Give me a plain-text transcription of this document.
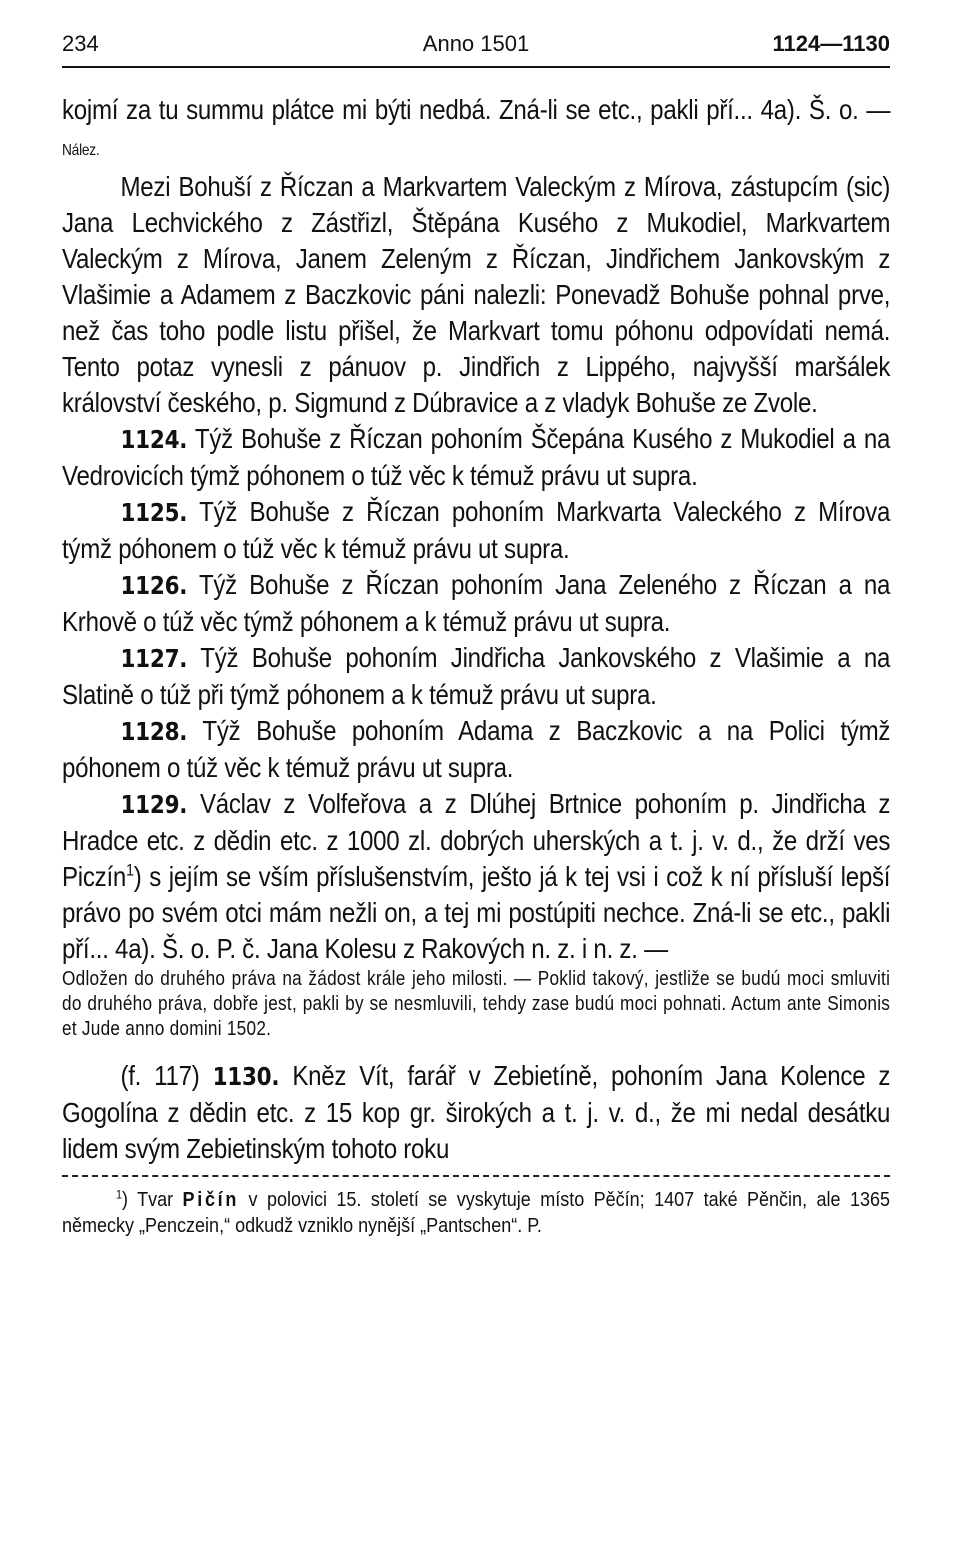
234	Anno 1501	1124—1130

kojmí za tu summu plátce mi býti nedbá. Zná-li se etc., pakli pří... 4a). Š. o. — Nález.

Mezi Bohuší z Říczan a Markvartem Valeckým z Mírova, zástupcím (sic) Jana Lechvického z Zástřizl, Štěpána Kusého z Mukodiel, Markvartem Valeckým z Mírova, Janem Zeleným z Říczan, Jindřichem Jankovským z Vlašimie a Adamem z Baczkovic páni nalezli: Ponevadž Bohuše pohnal prve, než čas toho podle listu přišel, že Markvart tomu póhonu odpovídati nemá. Tento potaz vynesli z pánuov p. Jindřich z Lippého, najvyšší maršálek království českého, p. Sigmund z Dúbravice a z vladyk Bohuše ze Zvole.

1124. Týž Bohuše z Říczan pohoním Ščepána Kusého z Mukodiel a na Vedrovicích týmž póhonem o túž věc k témuž právu ut supra.

1125. Týž Bohuše z Říczan pohoním Markvarta Valeckého z Mírova týmž póhonem o túž věc k témuž právu ut supra.

1126. Týž Bohuše z Říczan pohoním Jana Zeleného z Říczan a na Krhově o túž věc týmž póhonem a k témuž právu ut supra.

1127. Týž Bohuše pohoním Jindřicha Jankovského z Vlašimie a na Slatině o túž při týmž póhonem a k témuž právu ut supra.

1128. Týž Bohuše pohoním Adama z Baczkovic a na Polici týmž póhonem o túž věc k témuž právu ut supra.

1129. Václav z Volfeřova a z Dlúhej Brtnice pohoním p. Jindřicha z Hradce etc. z dědin etc. z 1000 zl. dobrých uherských a t. j. v. d., že drží ves Piczín$^1$) s jejím se vším příslušenstvím, ješto já k tej vsi i což k ní přísluší lepší právo po svém otci mám nežli on, a tej mi postúpiti nechce. Zná-li se etc., pakli pří... 4a). Š. o. P. č. Jana Kolesu z Rakových n. z. i n. z. —

Odložen do druhého práva na žádost krále jeho milosti. — Poklid takový, jestliže se budú moci smluviti do druhého práva, dobře jest, pakli by se nesmluvili, tehdy zase budú moci pohnati. Actum ante Simonis et Jude anno domini 1502.

(f. 117) 1130. Kněz Vít, farář v Zebietíně, pohoním Jana Kolence z Gogolína z dědin etc. z 15 kop gr. širokých a t. j. v. d., že mi nedal desátku lidem svým Zebietinským tohoto roku

$^1$) Tvar Pičín v polovici 15. století se vyskytuje místo Pěčín; 1407 také Pěnčin, ale 1365 německy „Penczein,“ odkudž vzniklo nynější „Pantschen“. P.
